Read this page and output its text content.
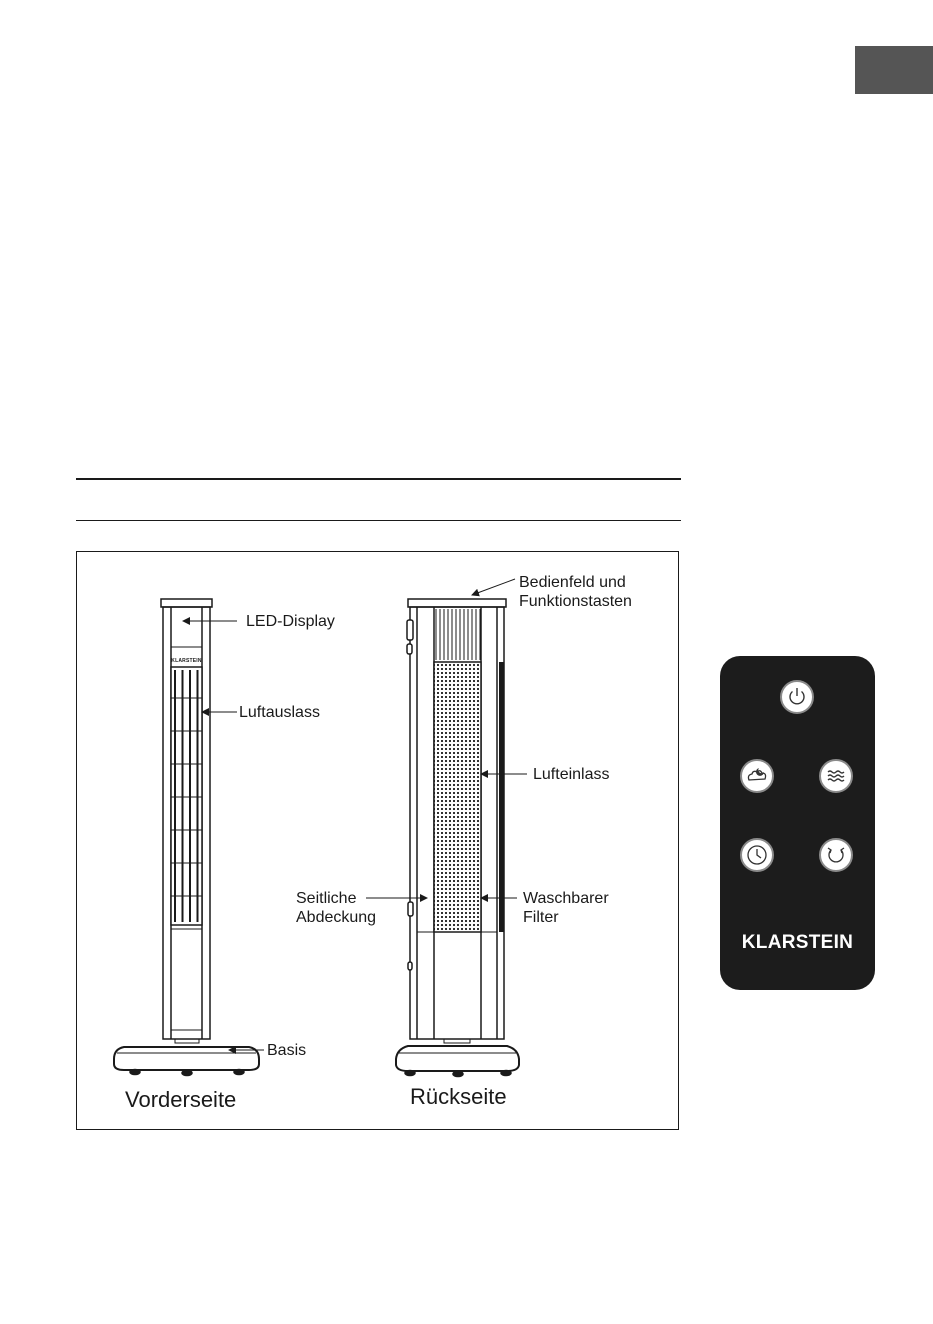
KLARSTEIN
LED-Display
Luftauslass
Basis
Bedienfeld und
Funktionstasten
Lufteinlass
Seitliche
Abdeckung
Waschbarer
Filter
Vorderseite	Rückseite
KLARSTEIN
